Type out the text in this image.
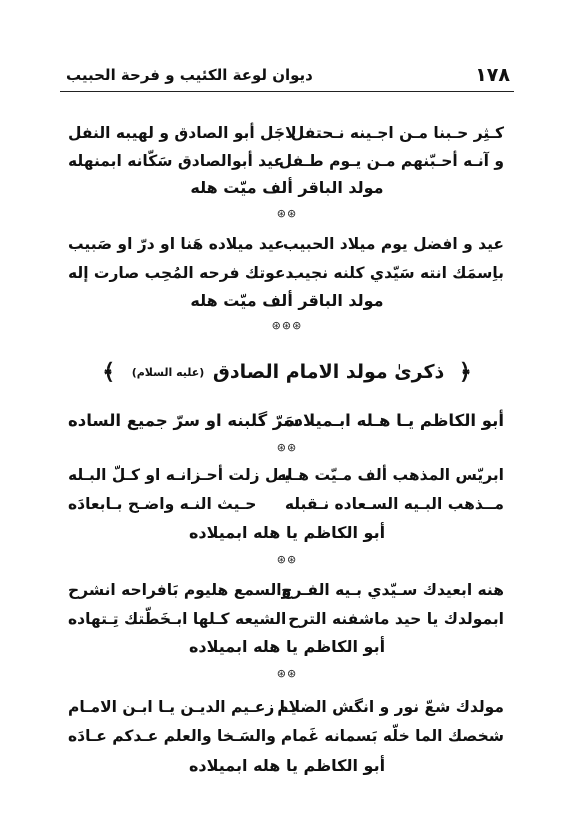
١٧٨
ديوان لوعة الكئيب و فرحة الحبيب
كـثِر حـبنا مـن اجـينه نـحتفل
لاجَل أبو الصادق و لهيبه النفل
و آنـه أحـبّنهم مـن يـوم طـفل
عيد أبوالصادق سَكّانه ابمنهله
مولد الباقر ألف ميّت هله
⊛⊛
عيد و افضل يوم ميلاد الحبيب
عيد ميلاده هَنا او درّ او صَبيب
باِسمَك انته سَيّدي كلنه نجيب
دعوتك فرحه المُحِب صارت إله
مولد الباقر ألف ميّت هله
⊛⊛⊛
﴿ ذكرىٰ مولد الامام الصادق (عليه السلام) ﴾
أبو الكاظم يـا هـله ابـميلاده
سَرّ گلبنه او سرّ جميع الساده
⊛⊛
ابريّس المذهب ألف مـيّت هـله
يـل زلت أحـزانـه او كـلّ البـله
مــذهب البـيه السـعاده نـقبله
حـيث النـه واضـح بـابعادَه
أبو الكاظم يا هله ابميلاده
⊛⊛
هنه ابعيدك سـيّدي بـيه الفـرح
والسمع هليوم بَافراحه انشرح
ابمولدك يا حيد ماشفنه الترح
الشيعه كـلها ابـخَطّتك تِـتهاده
أبو الكاظم يا هله ابميلاده
⊛⊛
مولدك شعّ نور و انگش الضلام
يـا زعـيم الديـن يـا ابـن الامـام
شخصك الما خلّه بَسمانه غَمام
والسَـخا والعلم عـدكم عـادَه
أبو الكاظم يا هله ابميلاده
